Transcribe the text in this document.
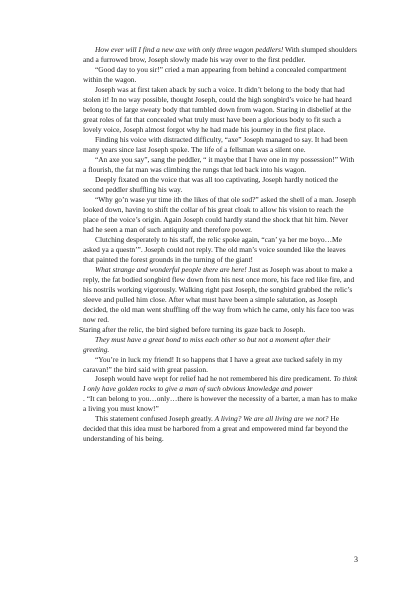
How ever will I find a new axe with only three wagon peddlers! With slumped shoulders and a furrowed brow, Joseph slowly made his way over to the first peddler.

“Good day to you sir!” cried a man appearing from behind a concealed compartment within the wagon.

Joseph was at first taken aback by such a voice. It didn’t belong to the body that had stolen it! In no way possible, thought Joseph, could the high songbird’s voice he had heard belong to the large sweaty body that tumbled down from wagon. Staring in disbelief at the great roles of fat that concealed what truly must have been a glorious body to fit such a lovely voice, Joseph almost forgot why he had made his journey in the first place.

Finding his voice with distracted difficulty, “axe” Joseph managed to say. It had been many years since last Joseph spoke. The life of a fellsman was a silent one.

“An axe you say”, sang the peddler, “ it maybe that I have one in my possession!” With a flourish, the fat man was climbing the rungs that led back into his wagon.

Deeply fixated on the voice that was all too captivating, Joseph hardly noticed the second peddler shuffling his way.

“Why go’n wase yur time ith the likes of that ole sod?” asked the shell of a man. Joseph looked down, having to shift the collar of his great cloak to allow his vision to reach the place of the voice’s origin. Again Joseph could hardly stand the shock that hit him. Never had he seen a man of such antiquity and therefore power.

Clutching desperately to his staff, the relic spoke again, “can’ ya her me boyo…Me asked ya a questn’”. Joseph could not reply. The old man’s voice sounded like the leaves that painted the forest grounds in the turning of the giant!

What strange and wonderful people there are here! Just as Joseph was about to make a reply, the fat bodied songbird flew down from his nest once more, his face red like fire, and his nostrils working vigorously. Walking right past Joseph, the songbird grabbed the relic’s sleeve and pulled him close. After what must have been a simple salutation, as Joseph decided, the old man went shuffling off the way from which he came, only his face too was now red.

Staring after the relic, the bird sighed before turning its gaze back to Joseph.

They must have a great bond to miss each other so but not a moment after their greeting.

“You’re in luck my friend! It so happens that I have a great axe tucked safely in my caravan!” the bird said with great passion.

Joseph would have wept for relief had he not remembered his dire predicament. To think I only have golden rocks to give a man of such obvious knowledge and power

. “It can belong to you…only…there is however the necessity of a barter, a man has to make a living you must know!”

This statement confused Joseph greatly. A living? We are all living are we not? He decided that this idea must be harbored from a great and empowered mind far beyond the understanding of his being.

3
